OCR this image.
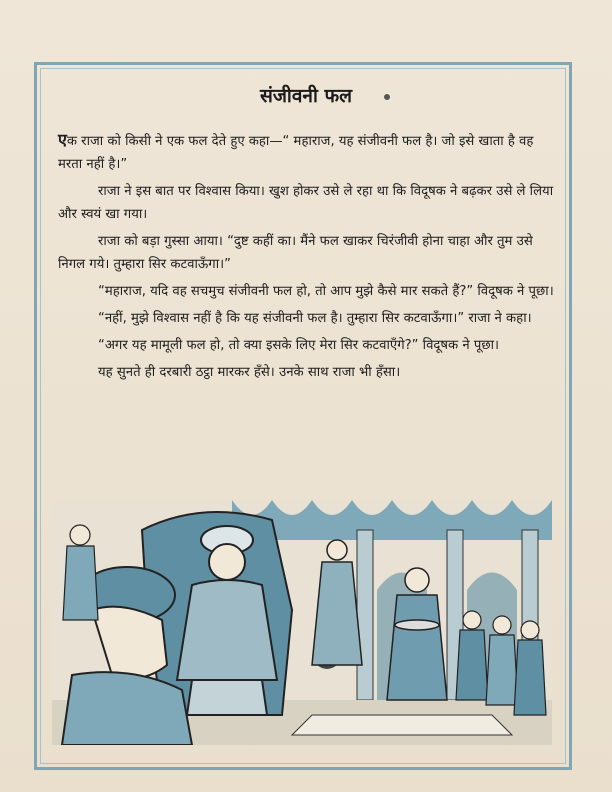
संजीवनी फल

एक राजा को किसी ने एक फल देते हुए कहा—“ महाराज, यह संजीवनी फल है। जो इसे खाता है वह मरता नहीं है।”

राजा ने इस बात पर विश्वास किया। खुश होकर उसे ले रहा था कि विदूषक ने बढ़कर उसे ले लिया और स्वयं खा गया।

राजा को बड़ा गुस्सा आया। “दुष्ट कहीं का। मैंने फल खाकर चिरंजीवी होना चाहा और तुम उसे निगल गये। तुम्हारा सिर कटवाऊँगा।”

“महाराज, यदि वह सचमुच संजीवनी फल हो, तो आप मुझे कैसे मार सकते हैं?” विदूषक ने पूछा।

“नहीं, मुझे विश्वास नहीं है कि यह संजीवनी फल है। तुम्हारा सिर कटवाऊँगा।” राजा ने कहा।

“अगर यह मामूली फल हो, तो क्या इसके लिए मेरा सिर कटवाएँगे?” विदूषक ने पूछा।

यह सुनते ही दरबारी ठट्ठा मारकर हँसे। उनके साथ राजा भी हँसा।
